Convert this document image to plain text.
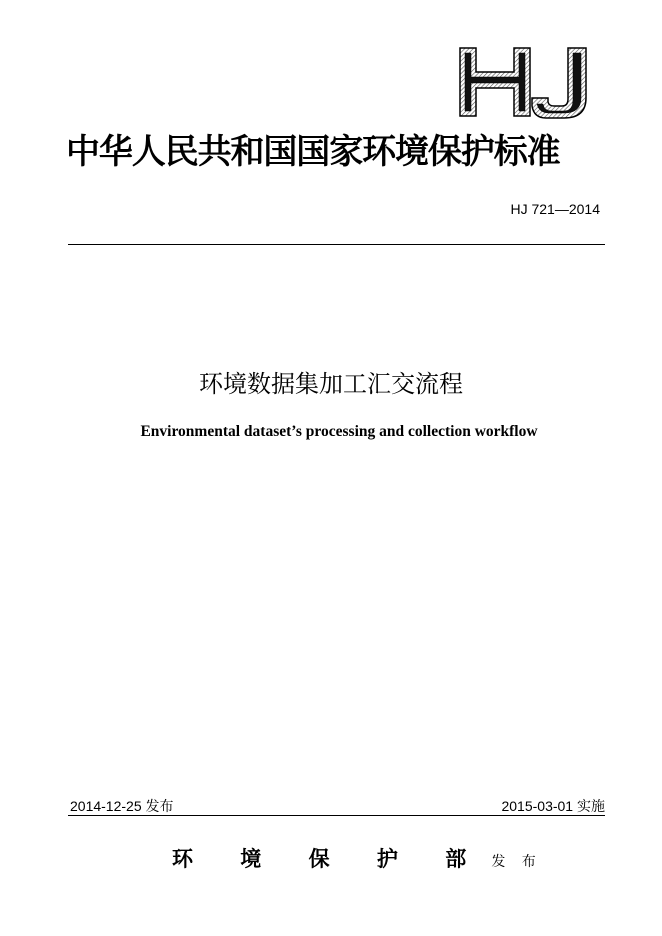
中华人民共和国国家环境保护标准
HJ 721—2014
环境数据集加工汇交流程
Environmental dataset’s processing and collection workflow
2014-12-25 发布	2015-03-01 实施
环 境 保 护 部 发 布
